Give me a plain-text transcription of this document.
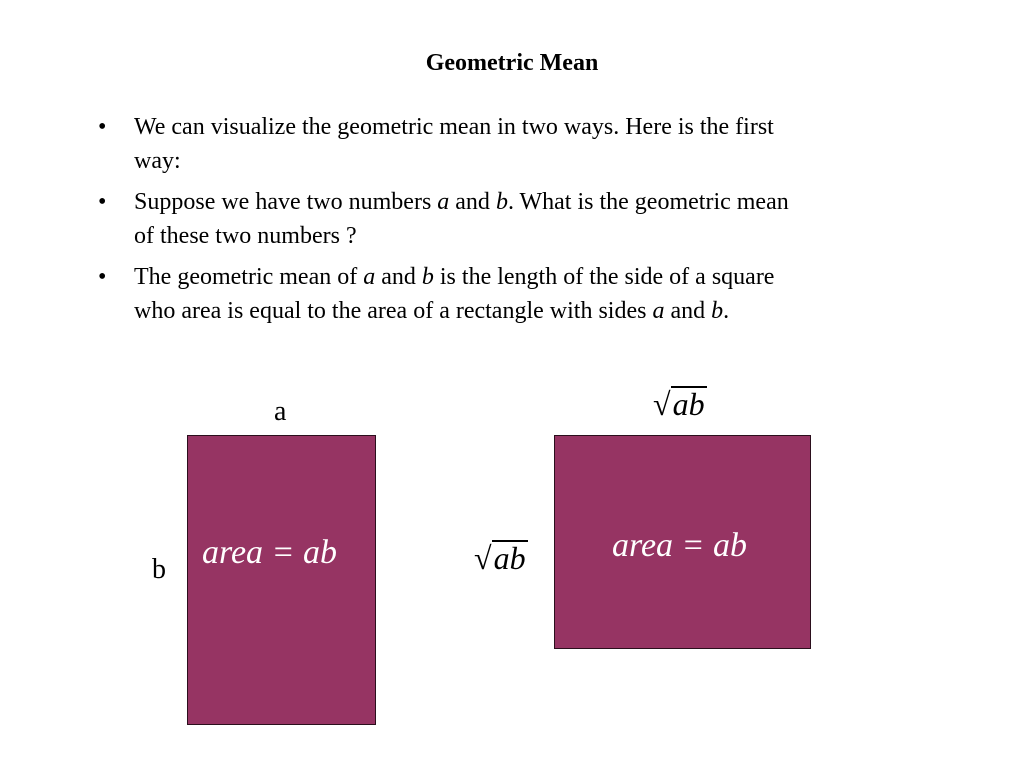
Geometric Mean
• We can visualize the geometric mean in two ways. Here is the first
way:
• Suppose we have two numbers a and b. What is the geometric mean
of these two numbers ?
• The geometric mean of a and b is the length of the side of a square
who area is equal to the area of a rectangle with sides a and b.
a
b area = ab
√ab
√ab	area = ab
